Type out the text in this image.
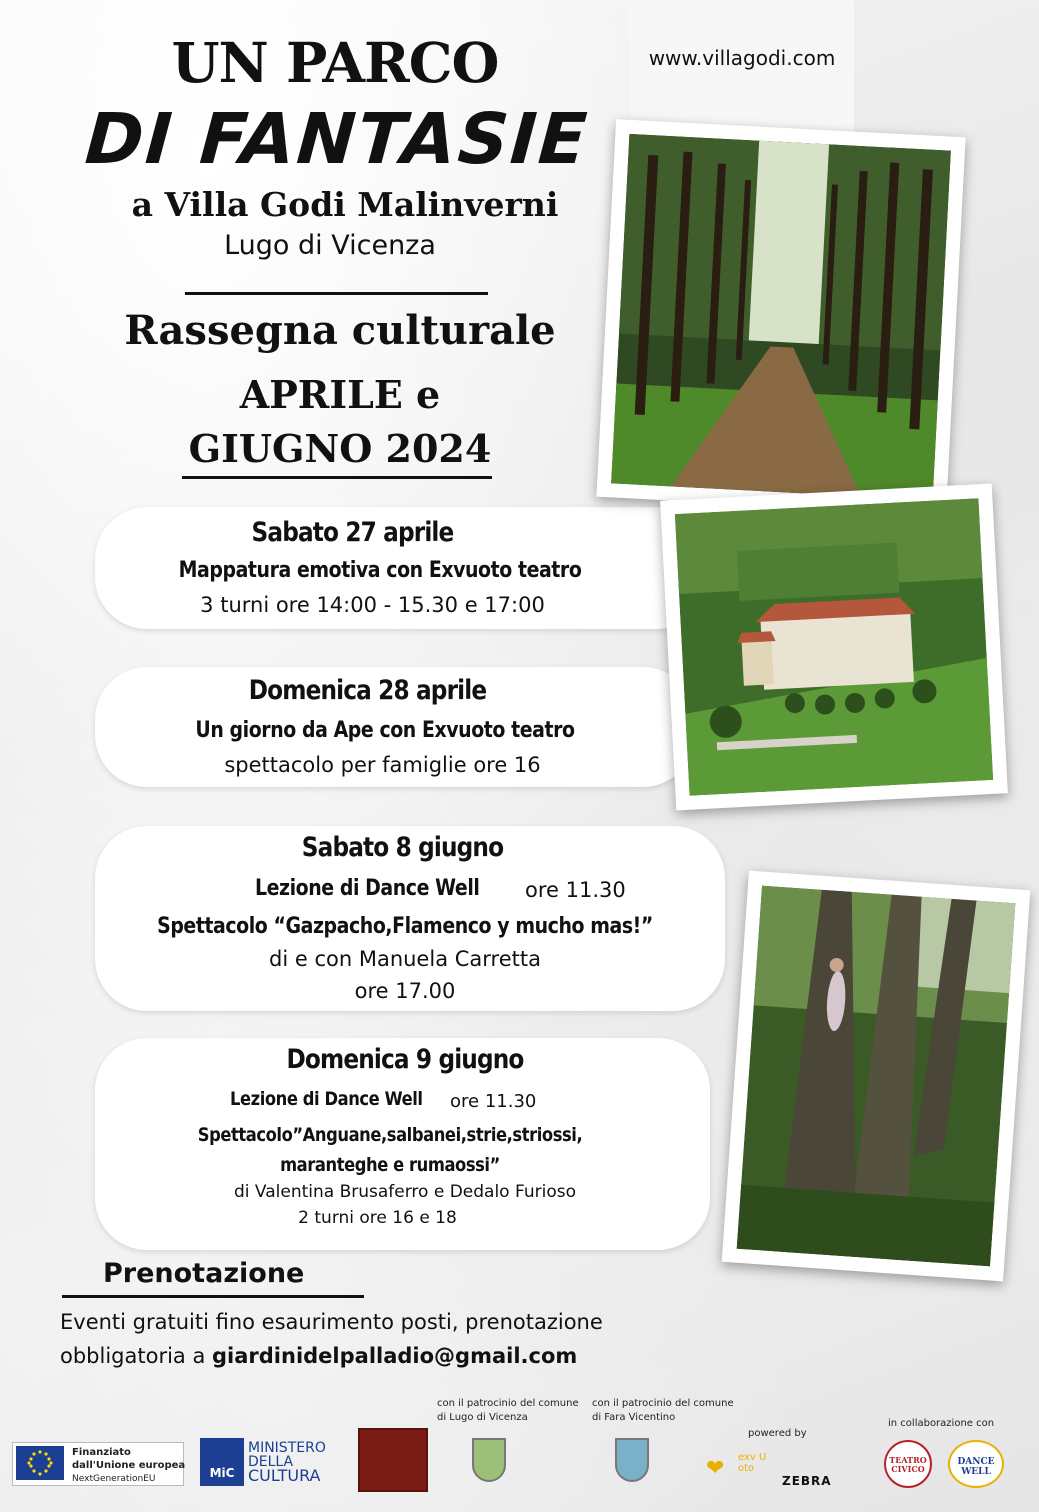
UN PARCO
DI FANTASIE
a Villa Godi Malinverni
Lugo di Vicenza
Rassegna culturale
APRILE e
GIUGNO 2024
www.villagodi.com
Sabato 27 aprile
Mappatura emotiva con Exvuoto teatro
3 turni ore 14:00 - 15.30 e 17:00
Domenica 28 aprile
Un giorno da Ape con Exvuoto teatro
spettacolo per famiglie ore 16
Sabato 8 giugno
Lezione di Dance Well ore 11.30
Spettacolo “Gazpacho,Flamenco y mucho mas!”
di e con Manuela Carretta
ore 17.00
Domenica 9 giugno
Lezione di Dance Well ore 11.30
Spettacolo”Anguane,salbanei,strie,striossi,
maranteghe e rumaossi”
di Valentina Brusaferro e Dedalo Furioso
2 turni ore 16 e 18
Prenotazione
Eventi gratuiti fino esaurimento posti, prenotazione
obbligatoria a giardinidelpalladio@gmail.com
Finanziato
dall'Unione europea
NextGenerationEU	MiC
MINISTERO
DELLA
CULTURA
con il patrocinio del comune
di Lugo di Vicenza
con il patrocinio del comune
di Fara Vicentino
powered by
❤	exv U oto
ZEBRA
in collaborazione con
TEATRO CIVICO
DANCE WELL
